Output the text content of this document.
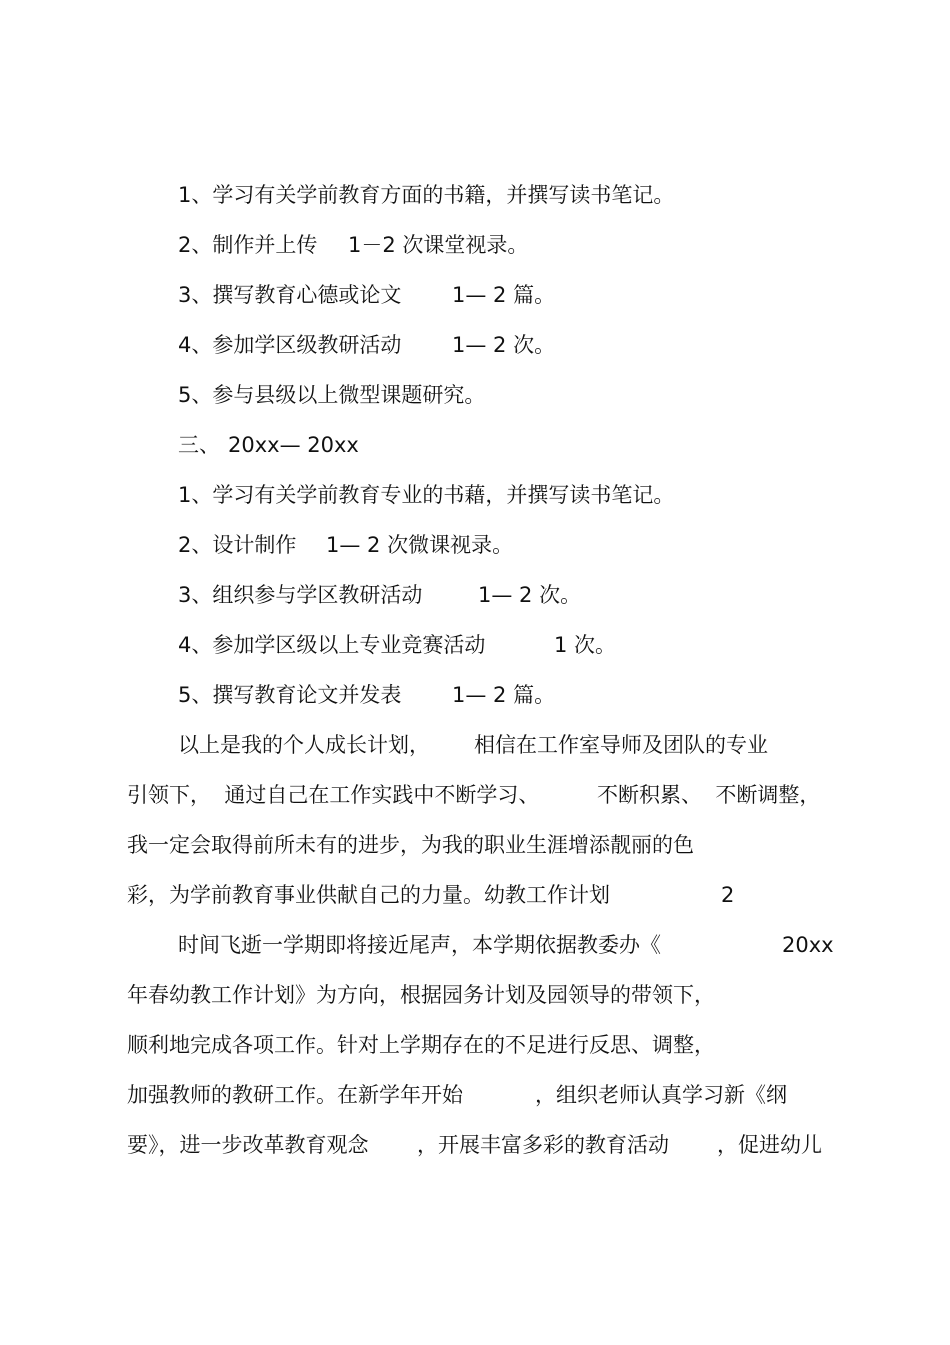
1、学习有关学前教育方面的书籍，并撰写读书笔记。

2、制作并上传

1－2 次课堂视录。

3、撰写教育心德或论文

1— 2 篇。

4、参加学区级教研活动

1— 2 次。

5、参与县级以上微型课题研究。

三、

20xx— 20xx

1、学习有关学前教育专业的书藉，并撰写读书笔记。

2、设计制作

1— 2 次微课视录。

3、组织参与学区教研活动

	1— 2 次。

4、参加学区级以上专业竞赛活动

	1 次。

5、撰写教育论文并发表

1— 2 篇。

以上是我的个人成长计划，

相信在工作室导师及团队的专业

引领下，  通过自己在工作实践中不断学习、

	不断积累、  不断调整，

我一定会取得前所未有的进步，为我的职业生涯增添靓丽的色

彩，为学前教育事业供献自己的力量。幼教工作计划

	2

时间飞逝一学期即将接近尾声，本学期依据教委办《

	20xx

年春幼教工作计划》为方向，根据园务计划及园领导的带领下，

顺利地完成各项工作。针对上学期存在的不足进行反思、调整，

加强教师的教研工作。在新学年开始

	，组织老师认真学习新《纲

要》，进一步改革教育观念

，开展丰富多彩的教育活动

，促进幼儿
